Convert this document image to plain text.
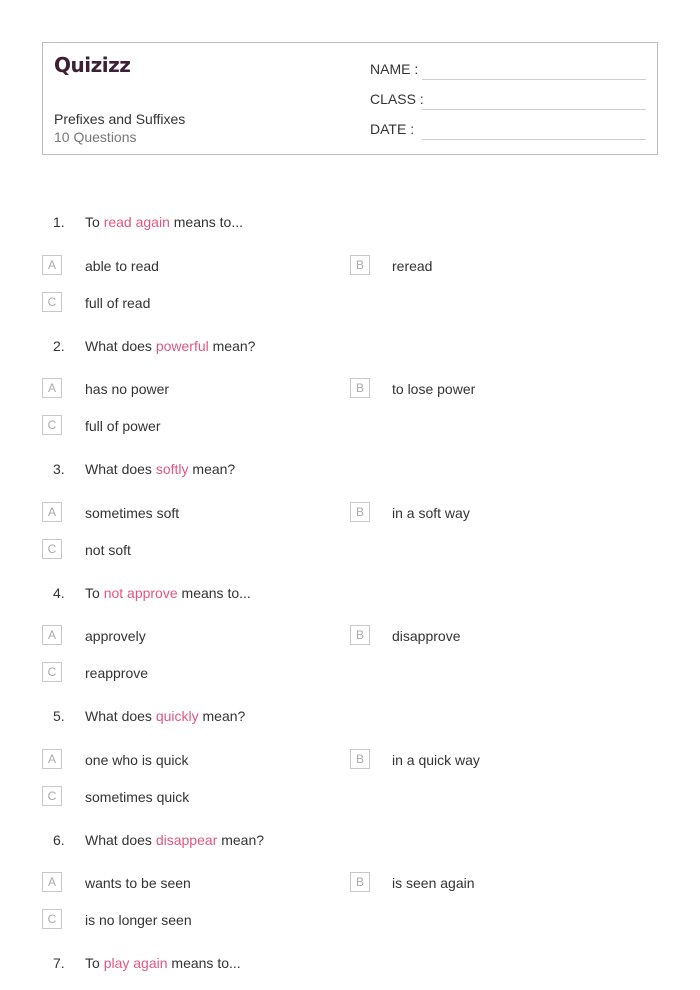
Quizizz
Prefixes and Suffixes
10 Questions
NAME :
CLASS :
DATE :
1.	To read again means to...
A	able to read	B	reread
C	full of read
2.	What does powerful mean?
A	has no power	B	to lose power
C	full of power
3.	What does softly mean?
A	sometimes soft	B	in a soft way
C	not soft
4.	To not approve means to...
A	approvely	B	disapprove
C	reapprove
5.	What does quickly mean?
A	one who is quick	B	in a quick way
C	sometimes quick
6.	What does disappear mean?
A	wants to be seen	B	is seen again
C	is no longer seen
7.	To play again means to...
